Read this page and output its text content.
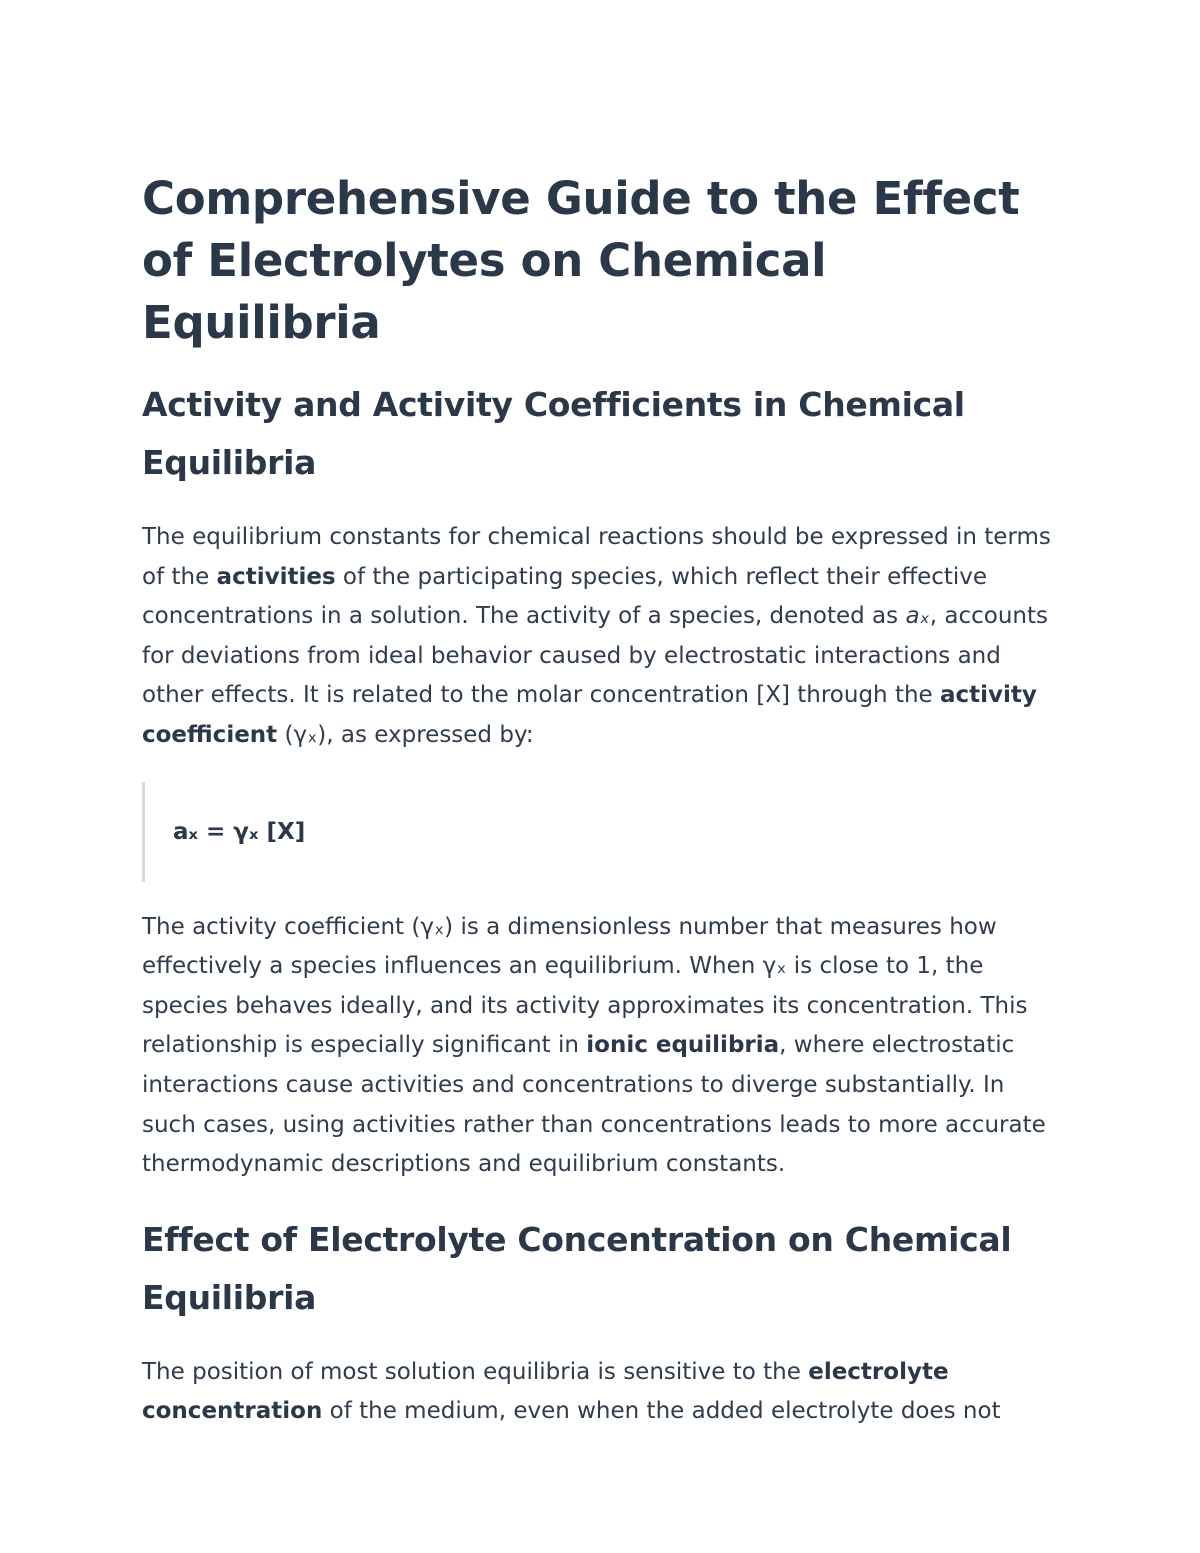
Comprehensive Guide to the Effect of Electrolytes on Chemical Equilibria
Activity and Activity Coefficients in Chemical Equilibria

The equilibrium constants for chemical reactions should be expressed in terms of the activities of the participating species, which reflect their effective concentrations in a solution. The activity of a species, denoted as aₓ, accounts for deviations from ideal behavior caused by electrostatic interactions and other effects. It is related to the molar concentration [X] through the activity coefficient (γₓ), as expressed by:

aₓ = γₓ [X]

The activity coefficient (γₓ) is a dimensionless number that measures how effectively a species influences an equilibrium. When γₓ is close to 1, the species behaves ideally, and its activity approximates its concentration. This relationship is especially significant in ionic equilibria, where electrostatic interactions cause activities and concentrations to diverge substantially. In such cases, using activities rather than concentrations leads to more accurate thermodynamic descriptions and equilibrium constants.

Effect of Electrolyte Concentration on Chemical Equilibria

The position of most solution equilibria is sensitive to the electrolyte concentration of the medium, even when the added electrolyte does not
